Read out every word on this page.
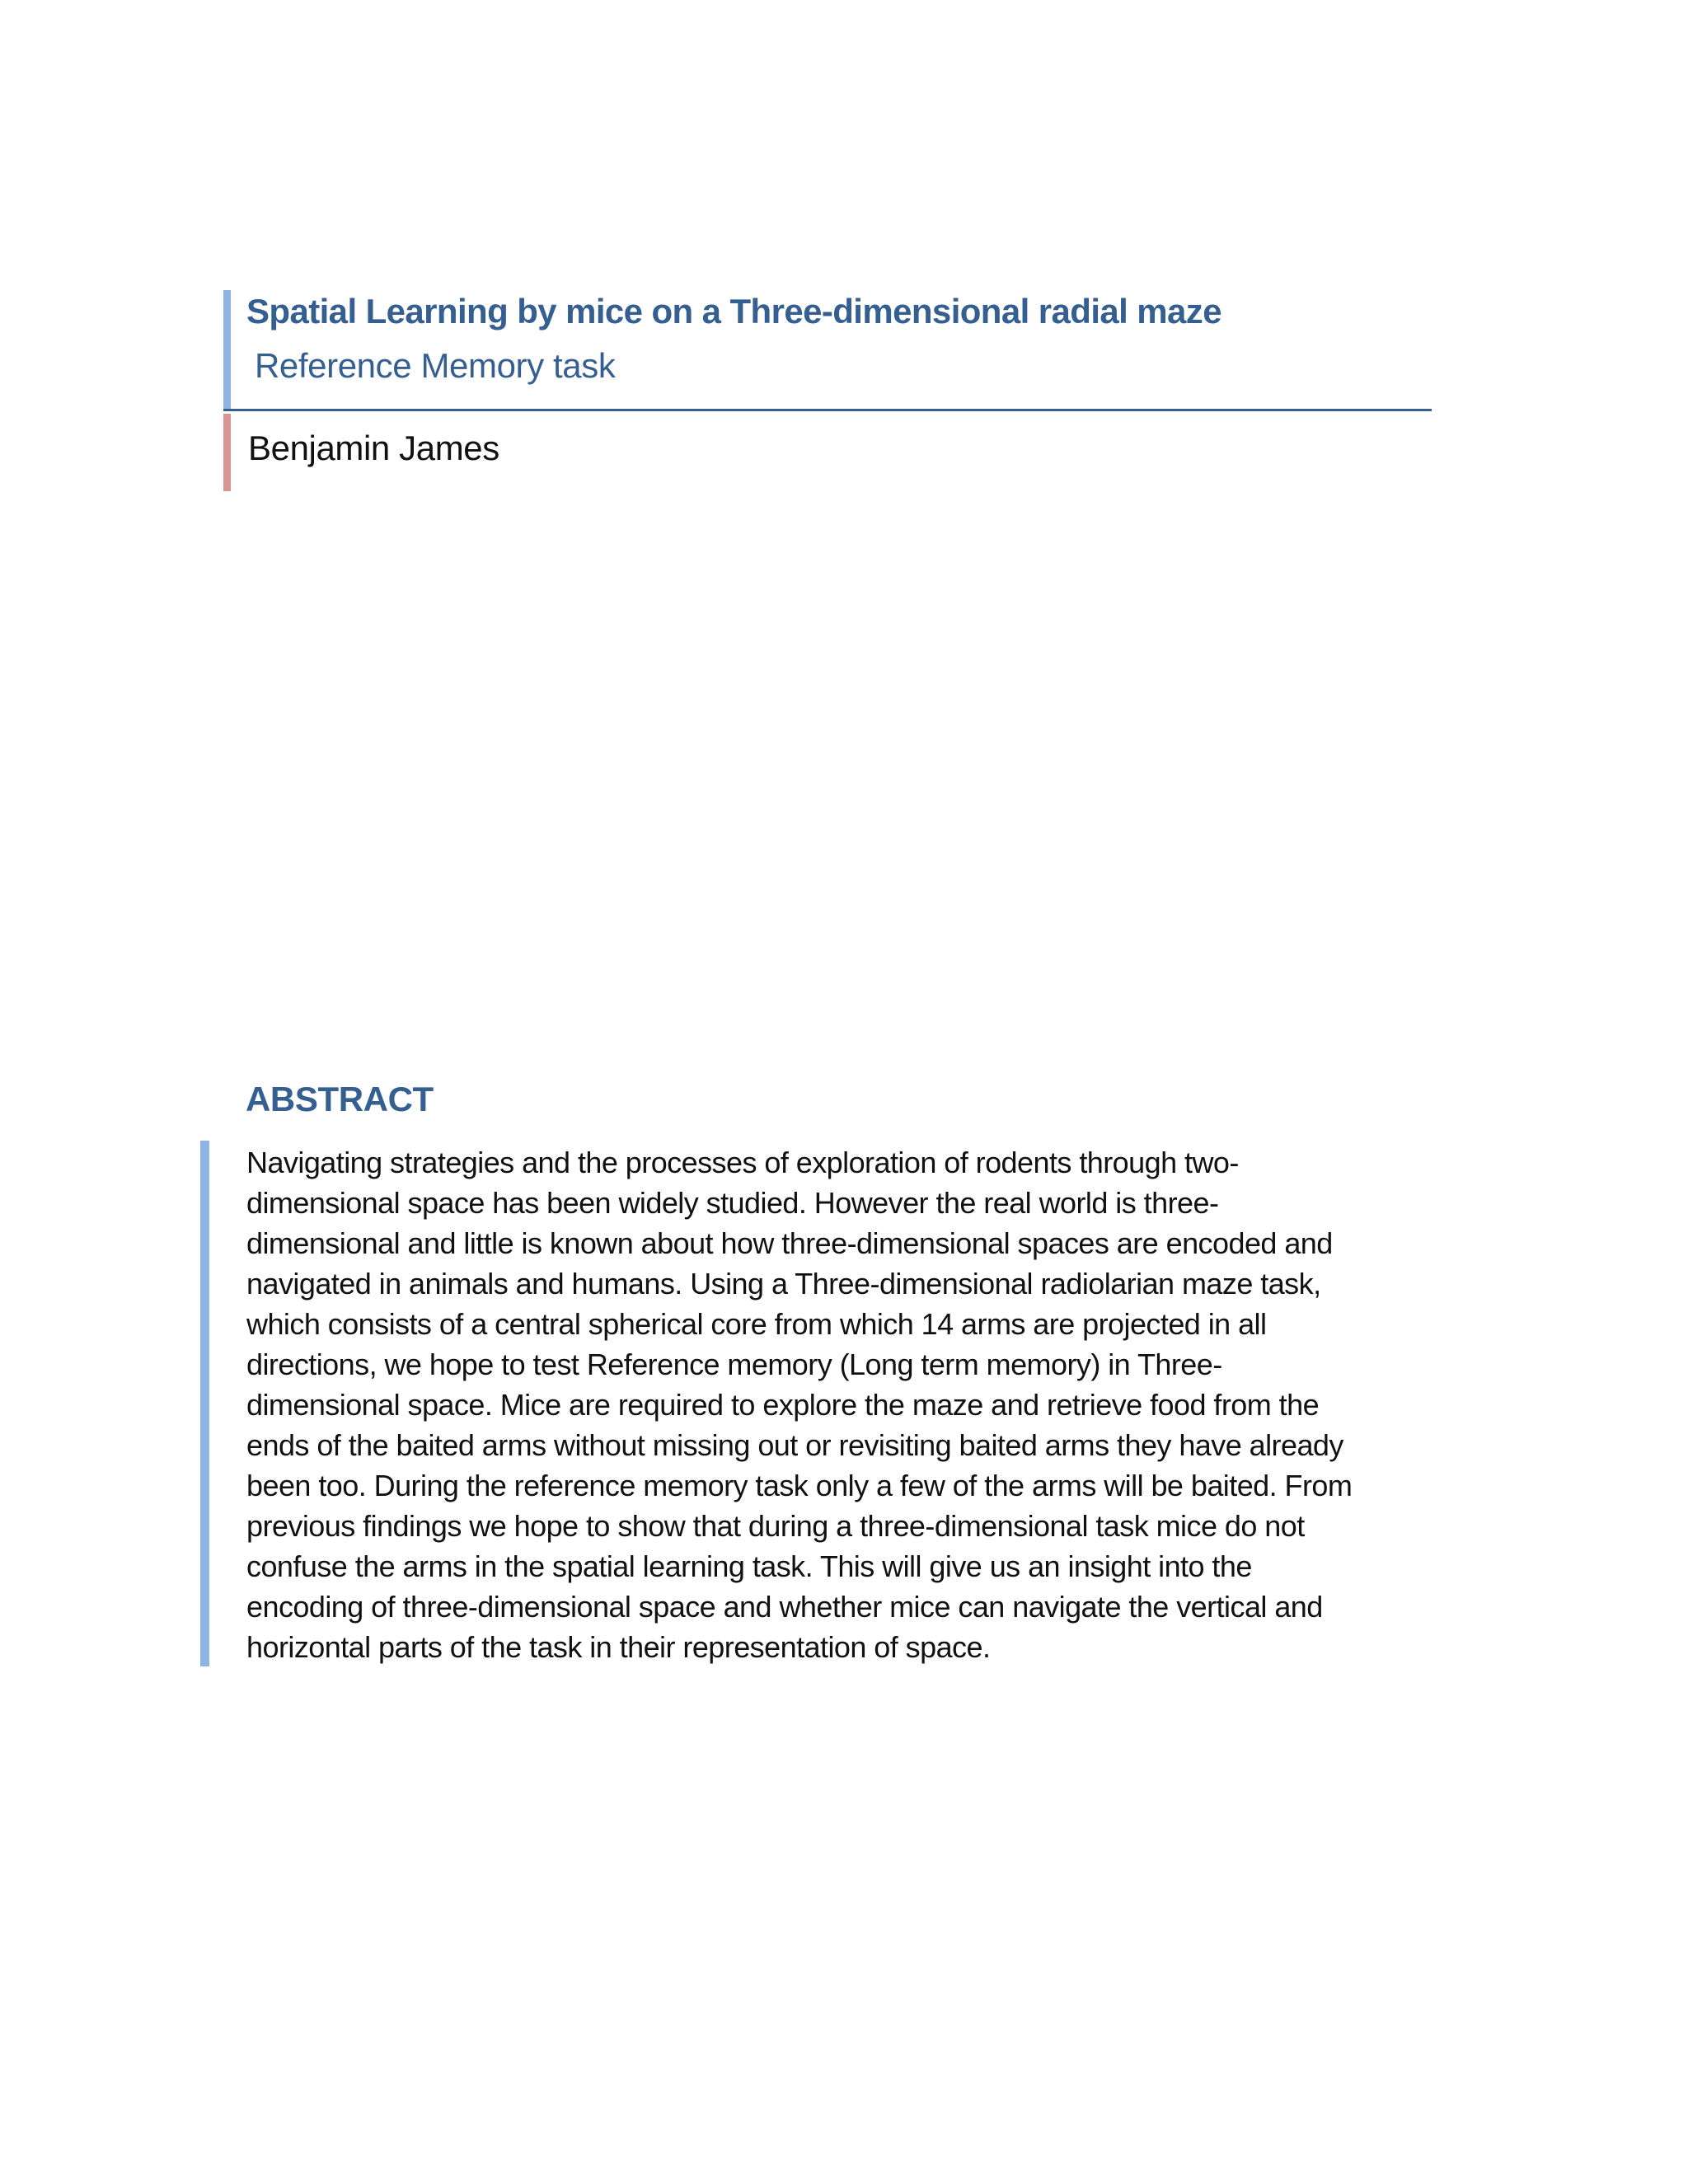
Spatial Learning by mice on a Three-dimensional radial maze
Reference Memory task
Benjamin James
ABSTRACT
Navigating strategies and the processes of exploration of rodents through two-
dimensional space has been widely studied. However the real world is three-
dimensional and little is known about how three-dimensional spaces are encoded and
navigated in animals and humans. Using a Three-dimensional radiolarian maze task,
which consists of a central spherical core from which 14 arms are projected in all
directions, we hope to test Reference memory (Long term memory) in Three-
dimensional space. Mice are required to explore the maze and retrieve food from the
ends of the baited arms without missing out or revisiting baited arms they have already
been too. During the reference memory task only a few of the arms will be baited. From
previous findings we hope to show that during a three-dimensional task mice do not
confuse the arms in the spatial learning task. This will give us an insight into the
encoding of three-dimensional space and whether mice can navigate the vertical and
horizontal parts of the task in their representation of space.
